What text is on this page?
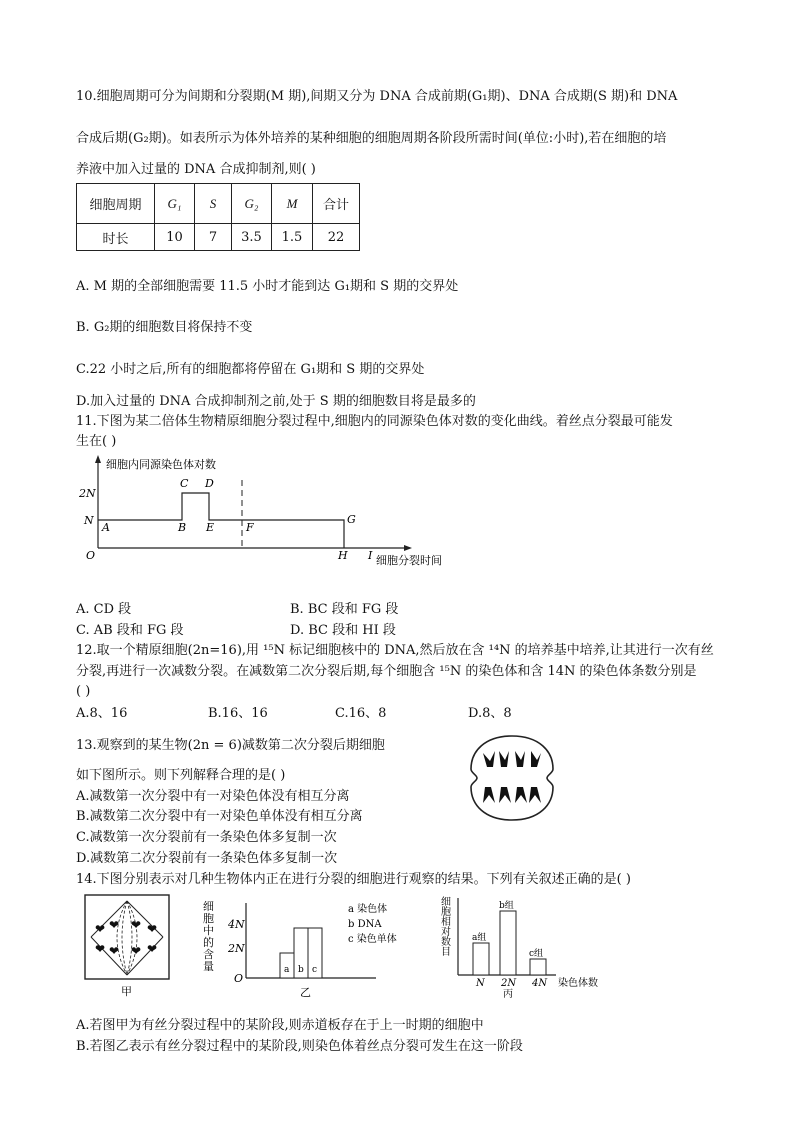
10.细胞周期可分为间期和分裂期(M 期),间期又分为 DNA 合成前期(G₁期)、DNA 合成期(S 期)和 DNA
合成后期(G₂期)。如表所示为体外培养的某种细胞的细胞周期各阶段所需时间(单位:小时),若在细胞的培
养液中加入过量的 DNA 合成抑制剂,则( )
细胞周期	G₁	S	G₂	M	合计
时长	10	7	3.5	1.5	22
A. M 期的全部细胞需要 11.5 小时才能到达 G₁期和 S 期的交界处
B. G₂期的细胞数目将保持不变
C.22 小时之后,所有的细胞都将停留在 G₁期和 S 期的交界处
D.加入过量的 DNA 合成抑制剂之前,处于 S 期的细胞数目将是最多的
11.下图为某二倍体生物精原细胞分裂过程中,细胞内的同源染色体对数的变化曲线。着丝点分裂最可能发
生在( )
细胞内同源染色体对数
细胞分裂时间
2N
N
O
A	B
C D
E	F
G
H I
A. CD 段	B. BC 段和 FG 段
C. AB 段和 FG 段	D. BC 段和 HI 段
12.取一个精原细胞(2n=16),用 ¹⁵N 标记细胞核中的 DNA,然后放在含 ¹⁴N 的培养基中培养,让其进行一次有丝
分裂,再进行一次减数分裂。在减数第二次分裂后期,每个细胞含 ¹⁵N 的染色体和含 14N 的染色体条数分别是
( )
A.8、16	B.16、16	C.16、8	D.8、8
13.观察到的某生物(2n = 6)减数第二次分裂后期细胞
如下图所示。则下列解释合理的是( )
A.减数第一次分裂中有一对染色体没有相互分离
B.减数第二次分裂中有一对染色单体没有相互分离
C.减数第一次分裂前有一条染色体多复制一次
D.减数第二次分裂前有一条染色体多复制一次
14.下图分别表示对几种生物体内正在进行分裂的细胞进行观察的结果。下列有关叙述正确的是( )
❤ ❤ ❤ ❤
❤ ❤ ❤ ❤
甲
细
胞
中
的
含
量
细胞中的含量
4N
2N
O
a b c
a 染色体
b DNA
c 染色单体
乙
细
胞
相
对
数
目
细胞相对数目
a组
b组
c组
N 2N 4N 染色体数
丙
A.若图甲为有丝分裂过程中的某阶段,则赤道板存在于上一时期的细胞中
B.若图乙表示有丝分裂过程中的某阶段,则染色体着丝点分裂可发生在这一阶段
